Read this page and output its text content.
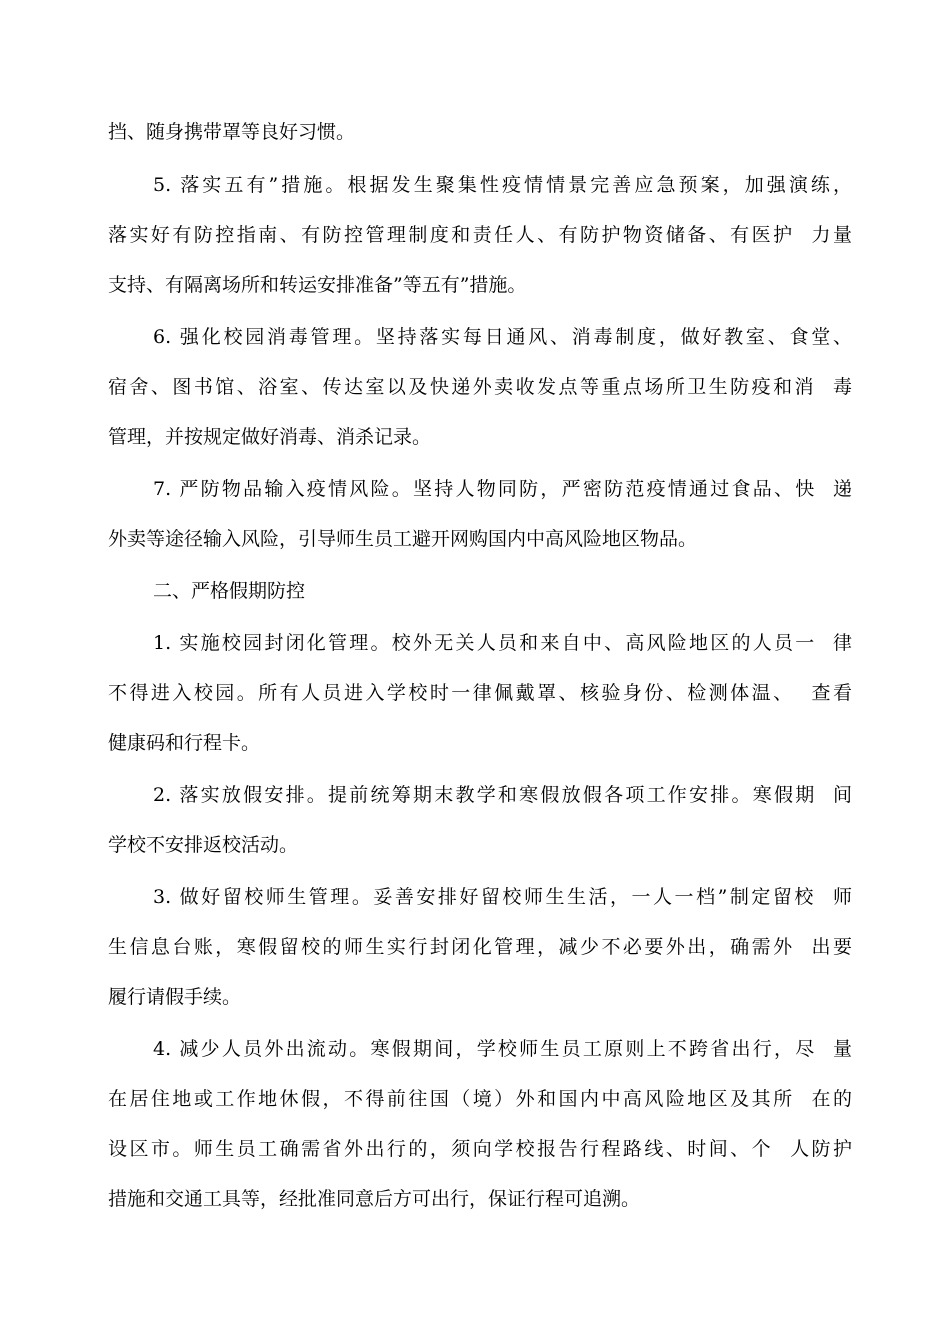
挡、随身携带罩等良好习惯。
5. 落实五有”措施。根据发生聚集性疫情情景完善应急预案，加强演练，
落实好有防控指南、有防控管理制度和责任人、有防护物资储备、有医护  力量
支持、有隔离场所和转运安排准备”等五有”措施。
6. 强化校园消毒管理。坚持落实每日通风、消毒制度，做好教室、食堂、
宿舍、图书馆、浴室、传达室以及快递外卖收发点等重点场所卫生防疫和消  毒
管理，并按规定做好消毒、消杀记录。
7. 严防物品输入疫情风险。坚持人物同防，严密防范疫情通过食品、快  递
外卖等途径输入风险，引导师生员工避开网购国内中高风险地区物品。
二、严格假期防控
1. 实施校园封闭化管理。校外无关人员和来自中、高风险地区的人员一  律
不得进入校园。所有人员进入学校时一律佩戴罩、核验身份、检测体温、  查看
健康码和行程卡。
2. 落实放假安排。提前统筹期末教学和寒假放假各项工作安排。寒假期  间
学校不安排返校活动。
3. 做好留校师生管理。妥善安排好留校师生生活，一人一档”制定留校  师
生信息台账，寒假留校的师生实行封闭化管理，减少不必要外出，确需外  出要
履行请假手续。
4. 减少人员外出流动。寒假期间，学校师生员工原则上不跨省出行，尽  量
在居住地或工作地休假，不得前往国（境）外和国内中高风险地区及其所  在的
设区市。师生员工确需省外出行的，须向学校报告行程路线、时间、个  人防护
措施和交通工具等，经批准同意后方可出行，保证行程可追溯。
